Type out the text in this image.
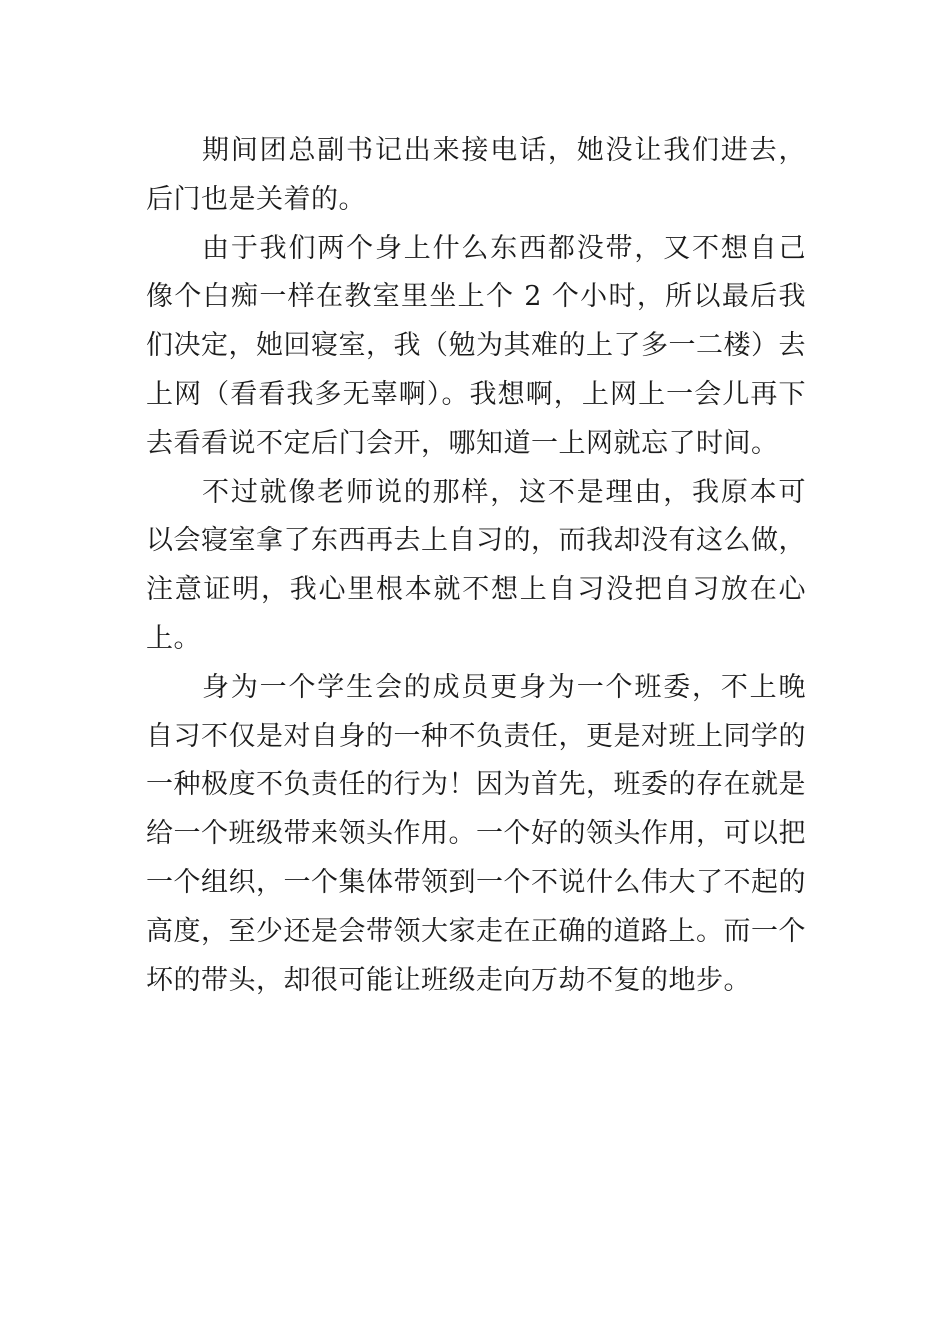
期间团总副书记出来接电话，她没让我们进去，后门也是关着的。

由于我们两个身上什么东西都没带，又不想自己像个白痴一样在教室里坐上个 2 个小时，所以最后我们决定，她回寝室，我（勉为其难的上了多一二楼）去上网（看看我多无辜啊）。我想啊，上网上一会儿再下去看看说不定后门会开，哪知道一上网就忘了时间。

不过就像老师说的那样，这不是理由，我原本可以会寝室拿了东西再去上自习的，而我却没有这么做，注意证明，我心里根本就不想上自习没把自习放在心上。

身为一个学生会的成员更身为一个班委，不上晚自习不仅是对自身的一种不负责任，更是对班上同学的一种极度不负责任的行为！因为首先，班委的存在就是给一个班级带来领头作用。一个好的领头作用，可以把一个组织，一个集体带领到一个不说什么伟大了不起的高度，至少还是会带领大家走在正确的道路上。而一个坏的带头，却很可能让班级走向万劫不复的地步。
